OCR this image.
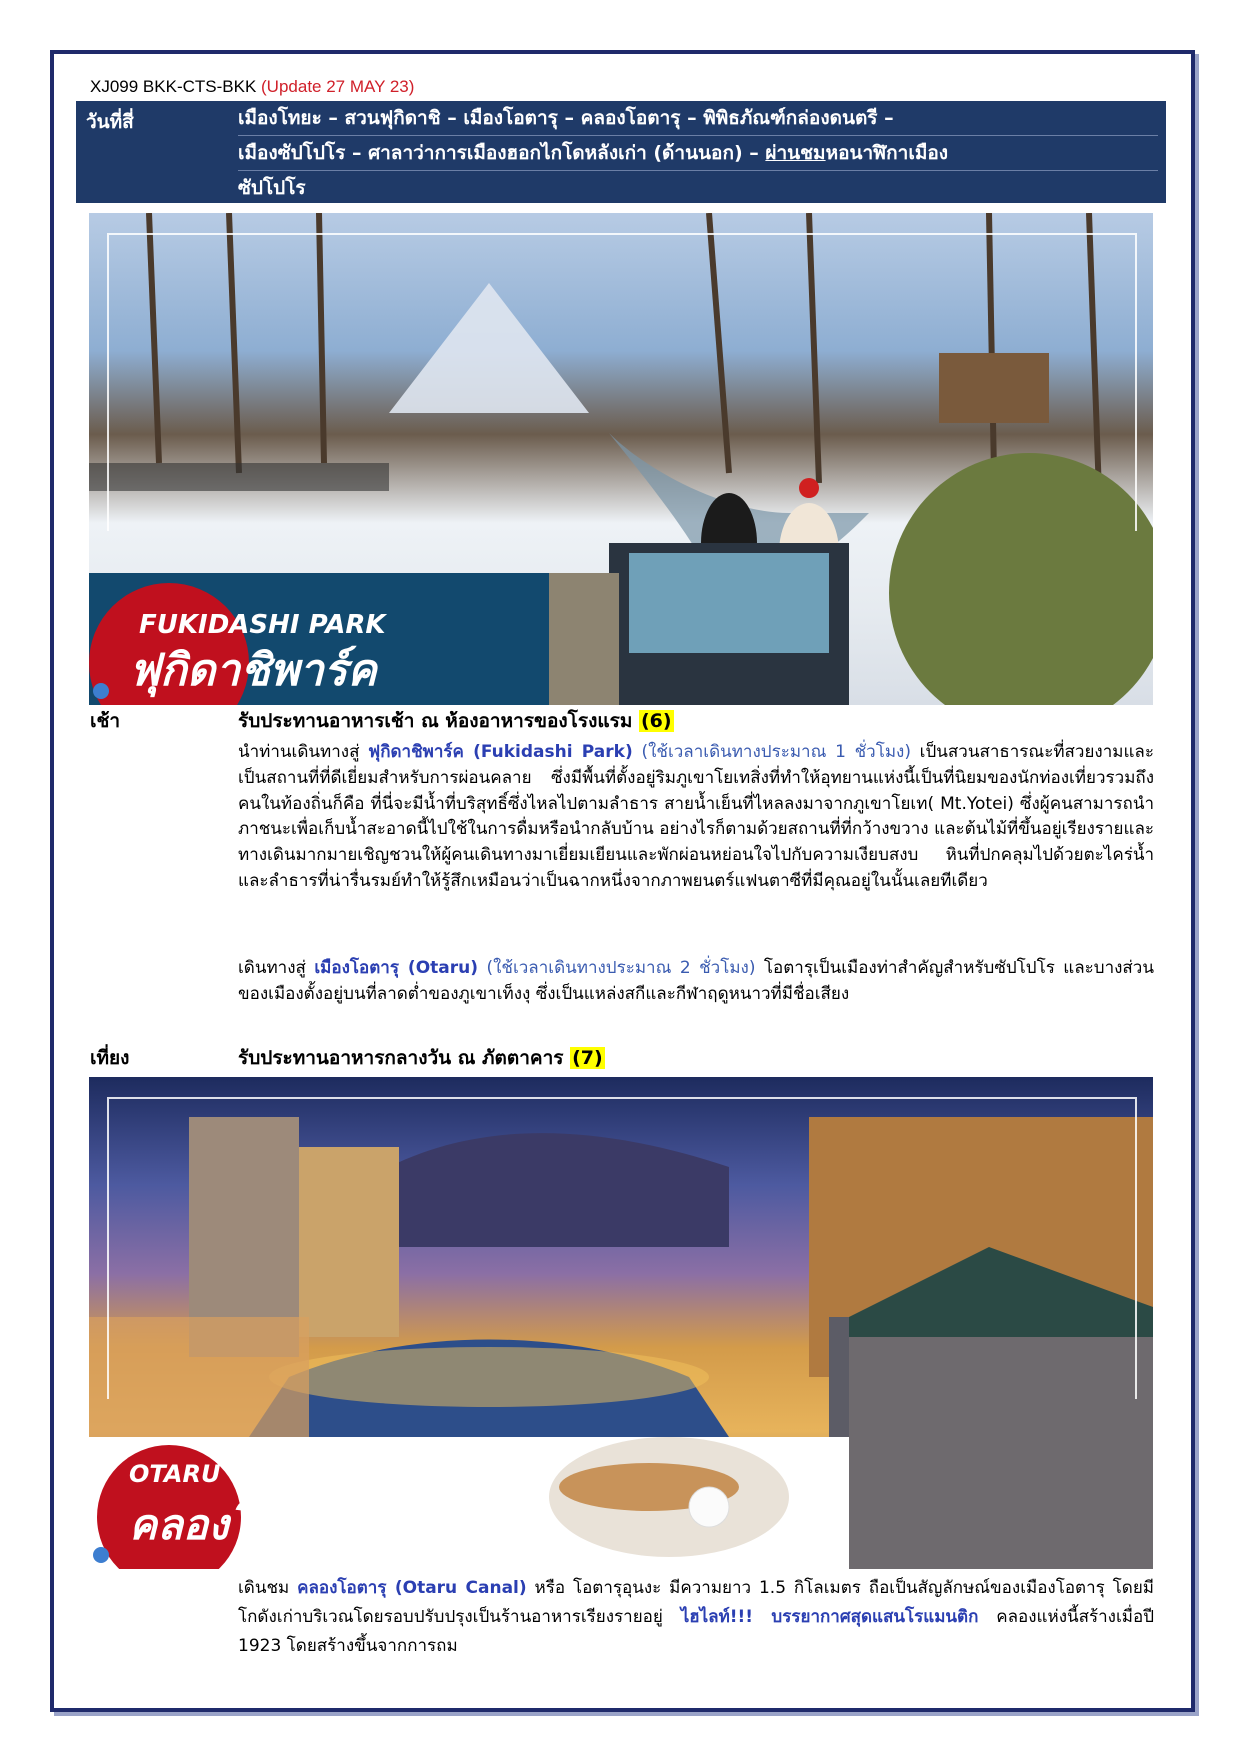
XJ099 BKK-CTS-BKK (Update 27 MAY 23)
วันที่สี่	เมืองโทยะ – สวนฟุกิดาชิ – เมืองโอตารุ – คลองโอตารุ – พิพิธภัณฑ์กล่องดนตรี –
เมืองซัปโปโร – ศาลาว่าการเมืองฮอกไกโดหลังเก่า (ด้านนอก) – ผ่านชมหอนาฬิกาเมือง
ซัปโปโร
FUKIDASHI PARK
ฟุกิดาชิพาร์ค
เช้า	รับประทานอาหารเช้า ณ ห้องอาหารของโรงแรม (6)
นำท่านเดินทางสู่ ฟุกิดาชิพาร์ค (Fukidashi Park) (ใช้เวลาเดินทางประมาณ 1 ชั่วโมง) เป็นสวนสาธารณะที่สวยงามและเป็นสถานที่ที่ดีเยี่ยมสำหรับการผ่อนคลาย ซึ่งมีพื้นที่ตั้งอยู่ริมภูเขาโยเทสิ่งที่ทำให้อุทยานแห่งนี้เป็นที่นิยมของนักท่องเที่ยวรวมถึงคนในท้องถิ่นก็คือ ที่นี่จะมีน้ำที่บริสุทธิ์ซึ่งไหลไปตามลำธาร สายน้ำเย็นที่ไหลลงมาจากภูเขาโยเท( Mt.Yotei) ซึ่งผู้คนสามารถนำภาชนะเพื่อเก็บน้ำสะอาดนี้ไปใช้ในการดื่มหรือนำกลับบ้าน อย่างไรก็ตามด้วยสถานที่ที่กว้างขวาง และต้นไม้ที่ขึ้นอยู่เรียงรายและทางเดินมากมายเชิญชวนให้ผู้คนเดินทางมาเยี่ยมเยียนและพักผ่อนหย่อนใจไปกับความเงียบสงบ หินที่ปกคลุมไปด้วยตะไคร่น้ำและลำธารที่น่ารื่นรมย์ทำให้รู้สึกเหมือนว่าเป็นฉากหนึ่งจากภาพยนตร์แฟนตาซีที่มีคุณอยู่ในนั้นเลยทีเดียว
เดินทางสู่ เมืองโอตารุ (Otaru) (ใช้เวลาเดินทางประมาณ 2 ชั่วโมง) โอตารุเป็นเมืองท่าสำคัญสำหรับซัปโปโร และบางส่วนของเมืองตั้งอยู่บนที่ลาดต่ำของภูเขาเท็งงุ ซึ่งเป็นแหล่งสกีและกีฬาฤดูหนาวที่มีชื่อเสียง
เที่ยง	รับประทานอาหารกลางวัน ณ ภัตตาคาร (7)
OTARU CANAL
คลองโอตารุ
เดินชม คลองโอตารุ (Otaru Canal) หรือ โอตารุอุนงะ มีความยาว 1.5 กิโลเมตร ถือเป็นสัญลักษณ์ของเมืองโอตารุ โดยมีโกดังเก่าบริเวณโดยรอบปรับปรุงเป็นร้านอาหารเรียงรายอยู่ ไฮไลท์!!! บรรยากาศสุดแสนโรแมนติก คลองแห่งนี้สร้างเมื่อปี 1923 โดยสร้างขึ้นจากการถม
